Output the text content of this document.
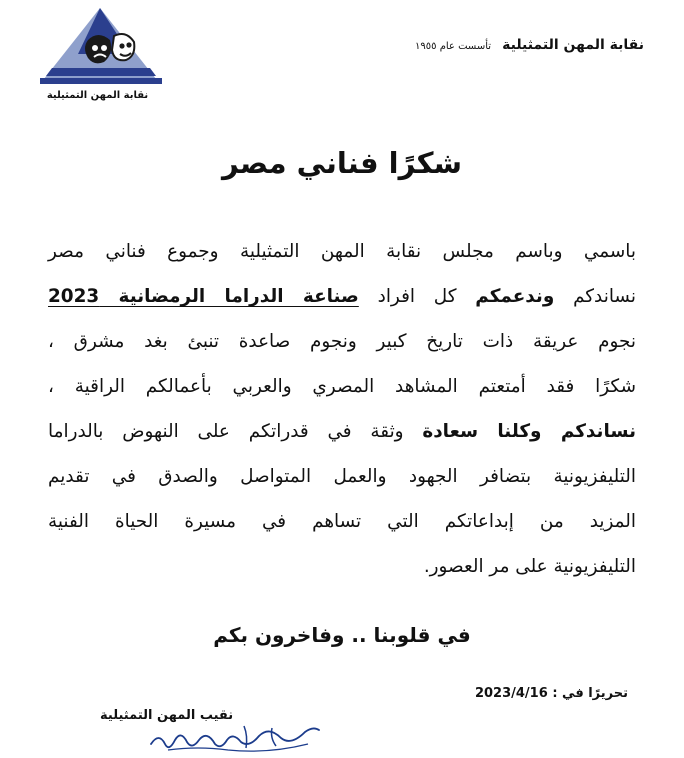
نقابة المهن التمثيلية
نقابة المهن التمثيلية تأسست عام ١٩٥٥
شكرًا فناني مصر
باسمي وباسم مجلس نقابة المهن التمثيلية وجموع فناني مصر
نساندكم وندعمكم كل افراد صناعة الدراما الرمضانية 2023
نجوم عريقة ذات تاريخ كبير ونجوم صاعدة تنبئ بغد مشرق ،
شكرًا فقد أمتعتم المشاهد المصري والعربي بأعمالكم الراقية ،
نساندكم وكلنا سعادة وثقة في قدراتكم على النهوض بالدراما
التليفزيونية بتضافر الجهود والعمل المتواصل والصدق في تقديم
المزيد من إبداعاتكم التي تساهم في مسيرة الحياة الفنية
التليفزيونية على مر العصور.
في قلوبنا .. وفاخرون بكم
تحريرًا في : 2023/4/16
نقيب المهن التمثيلية
